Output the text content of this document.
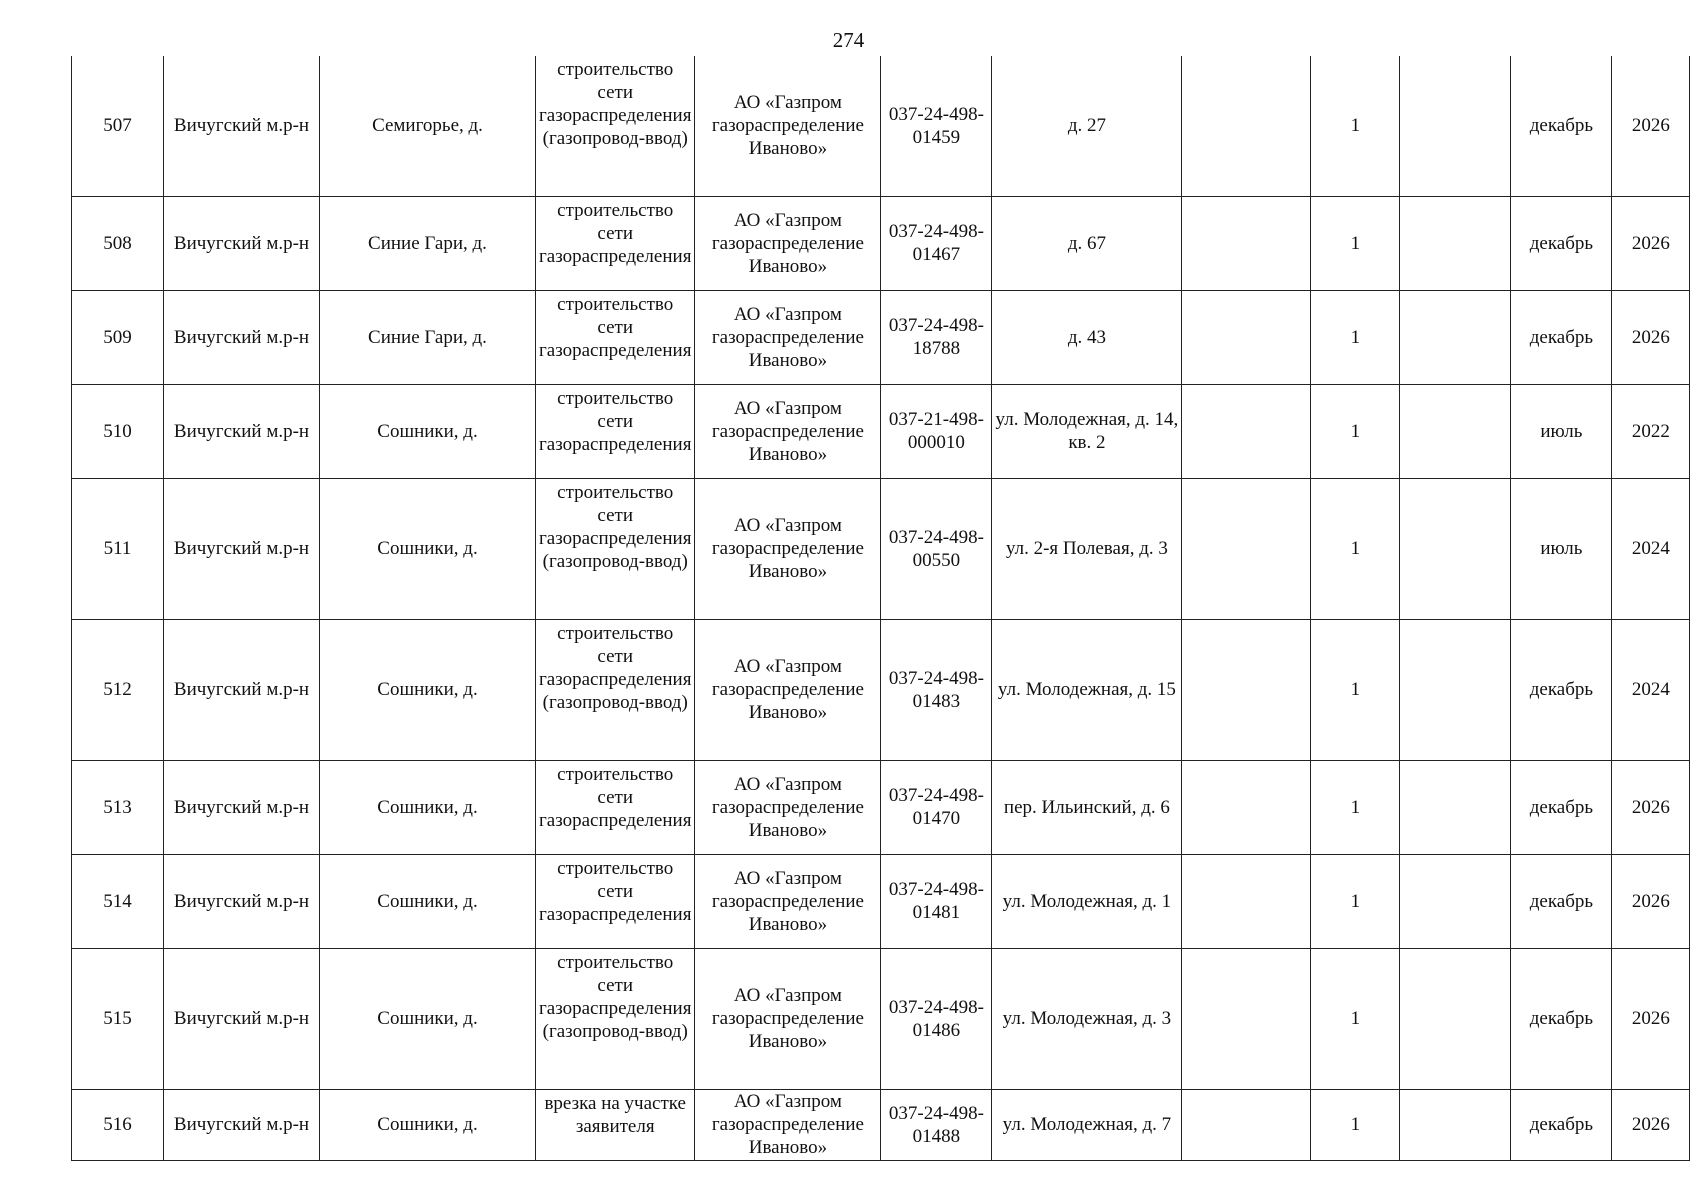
274
507	Вичугский м.р-н	Семигорье, д.	строительство сети газораспределения (газопровод-ввод)	АО «Газпром газораспределение Иваново»	037-24-498-01459	д. 27		1		декабрь	2026
508	Вичугский м.р-н	Синие Гари, д.	строительство сети газораспределения	АО «Газпром газораспределение Иваново»	037-24-498-01467	д. 67		1		декабрь	2026
509	Вичугский м.р-н	Синие Гари, д.	строительство сети газораспределения	АО «Газпром газораспределение Иваново»	037-24-498-18788	д. 43		1		декабрь	2026
510	Вичугский м.р-н	Сошники, д.	строительство сети газораспределения	АО «Газпром газораспределение Иваново»	037-21-498-000010	ул. Молодежная, д. 14, кв. 2		1		июль	2022
511	Вичугский м.р-н	Сошники, д.	строительство сети газораспределения (газопровод-ввод)	АО «Газпром газораспределение Иваново»	037-24-498-00550	ул. 2-я Полевая, д. 3		1		июль	2024
512	Вичугский м.р-н	Сошники, д.	строительство сети газораспределения (газопровод-ввод)	АО «Газпром газораспределение Иваново»	037-24-498-01483	ул. Молодежная, д. 15		1		декабрь	2024
513	Вичугский м.р-н	Сошники, д.	строительство сети газораспределения	АО «Газпром газораспределение Иваново»	037-24-498-01470	пер. Ильинский, д. 6		1		декабрь	2026
514	Вичугский м.р-н	Сошники, д.	строительство сети газораспределения	АО «Газпром газораспределение Иваново»	037-24-498-01481	ул. Молодежная, д. 1		1		декабрь	2026
515	Вичугский м.р-н	Сошники, д.	строительство сети газораспределения (газопровод-ввод)	АО «Газпром газораспределение Иваново»	037-24-498-01486	ул. Молодежная, д. 3		1		декабрь	2026
516	Вичугский м.р-н	Сошники, д.	врезка на участке заявителя	АО «Газпром газораспределение Иваново»	037-24-498-01488	ул. Молодежная, д. 7		1		декабрь	2026
